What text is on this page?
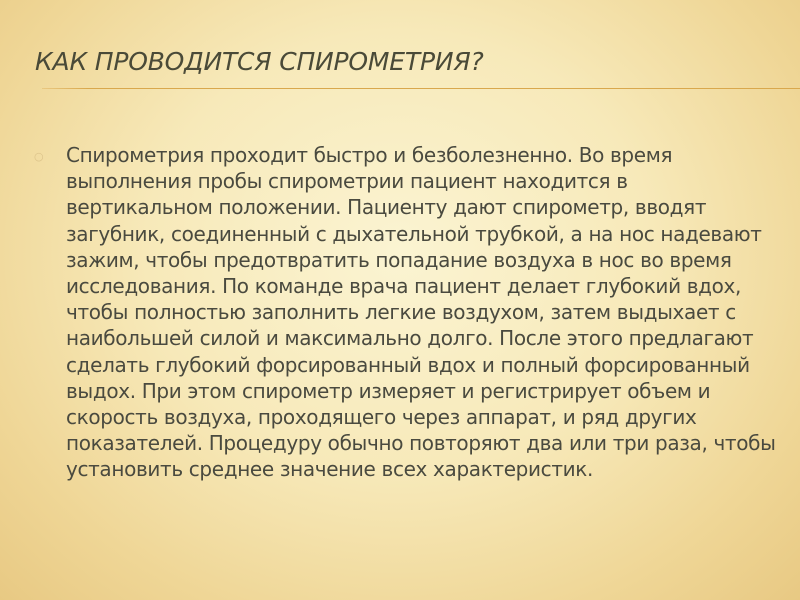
КАК ПРОВОДИТСЯ СПИРОМЕТРИЯ?
○ Спирометрия проходит быстро и безболезненно. Во время выполнения пробы спирометрии пациент находится в вертикальном положении. Пациенту дают спирометр, вводят загубник, соединенный с дыхательной трубкой, а на нос надевают зажим, чтобы предотвратить попадание воздуха в нос во время исследования. По команде врача пациент делает глубокий вдох, чтобы полностью заполнить легкие воздухом, затем выдыхает с наибольшей силой и максимально долго. После этого предлагают сделать глубокий форсированный вдох и полный форсированный выдох. При этом спирометр измеряет и регистрирует объем и скорость воздуха, проходящего через аппарат, и ряд других показателей. Процедуру обычно повторяют два или три раза, чтобы установить среднее значение всех характеристик.
